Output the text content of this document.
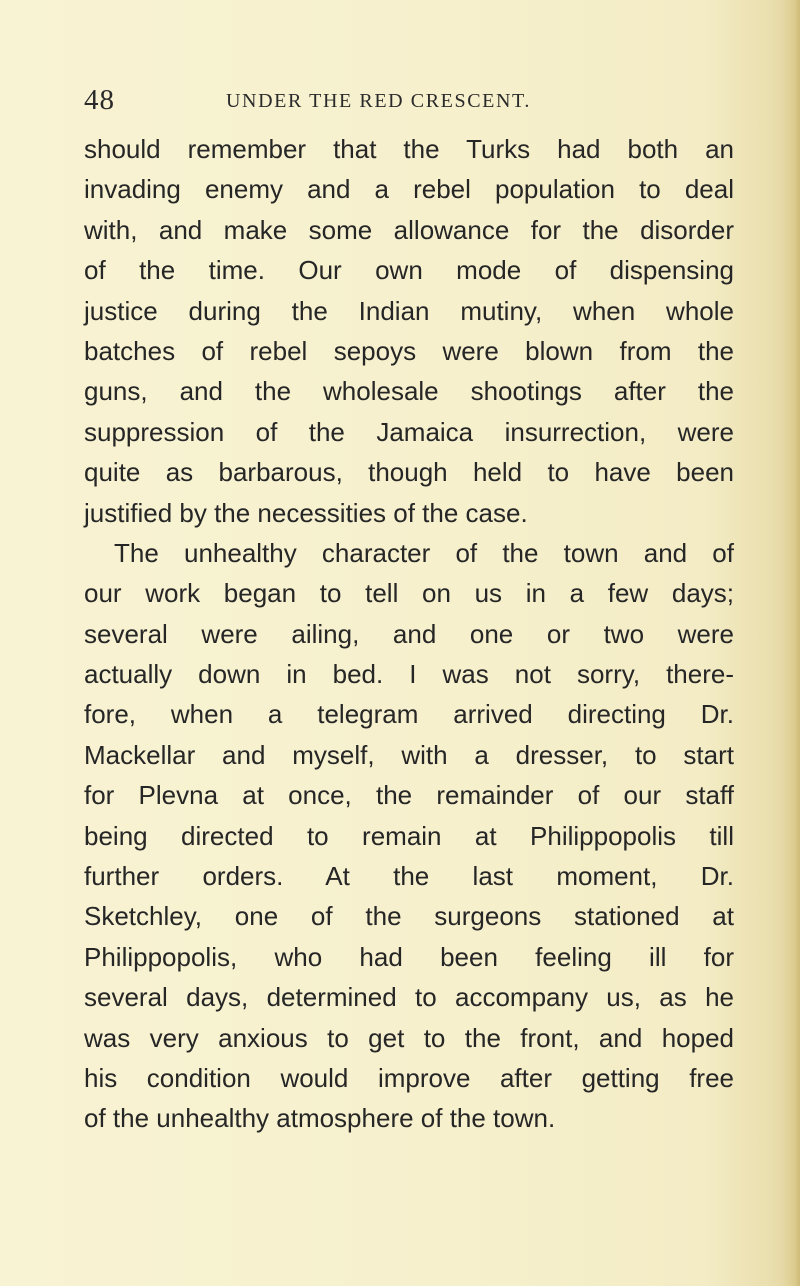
48	UNDER THE RED CRESCENT.
should remember that the Turks had both an
invading enemy and a rebel population to deal
with, and make some allowance for the disorder
of the time. Our own mode of dispensing
justice during the Indian mutiny, when whole
batches of rebel sepoys were blown from the
guns, and the wholesale shootings after the
suppression of the Jamaica insurrection, were
quite as barbarous, though held to have been
justified by the necessities of the case.
The unhealthy character of the town and of
our work began to tell on us in a few days;
several were ailing, and one or two were
actually down in bed. I was not sorry, there-
fore, when a telegram arrived directing Dr.
Mackellar and myself, with a dresser, to start
for Plevna at once, the remainder of our staff
being directed to remain at Philippopolis till
further orders. At the last moment, Dr.
Sketchley, one of the surgeons stationed at
Philippopolis, who had been feeling ill for
several days, determined to accompany us, as he
was very anxious to get to the front, and hoped
his condition would improve after getting free
of the unhealthy atmosphere of the town.
